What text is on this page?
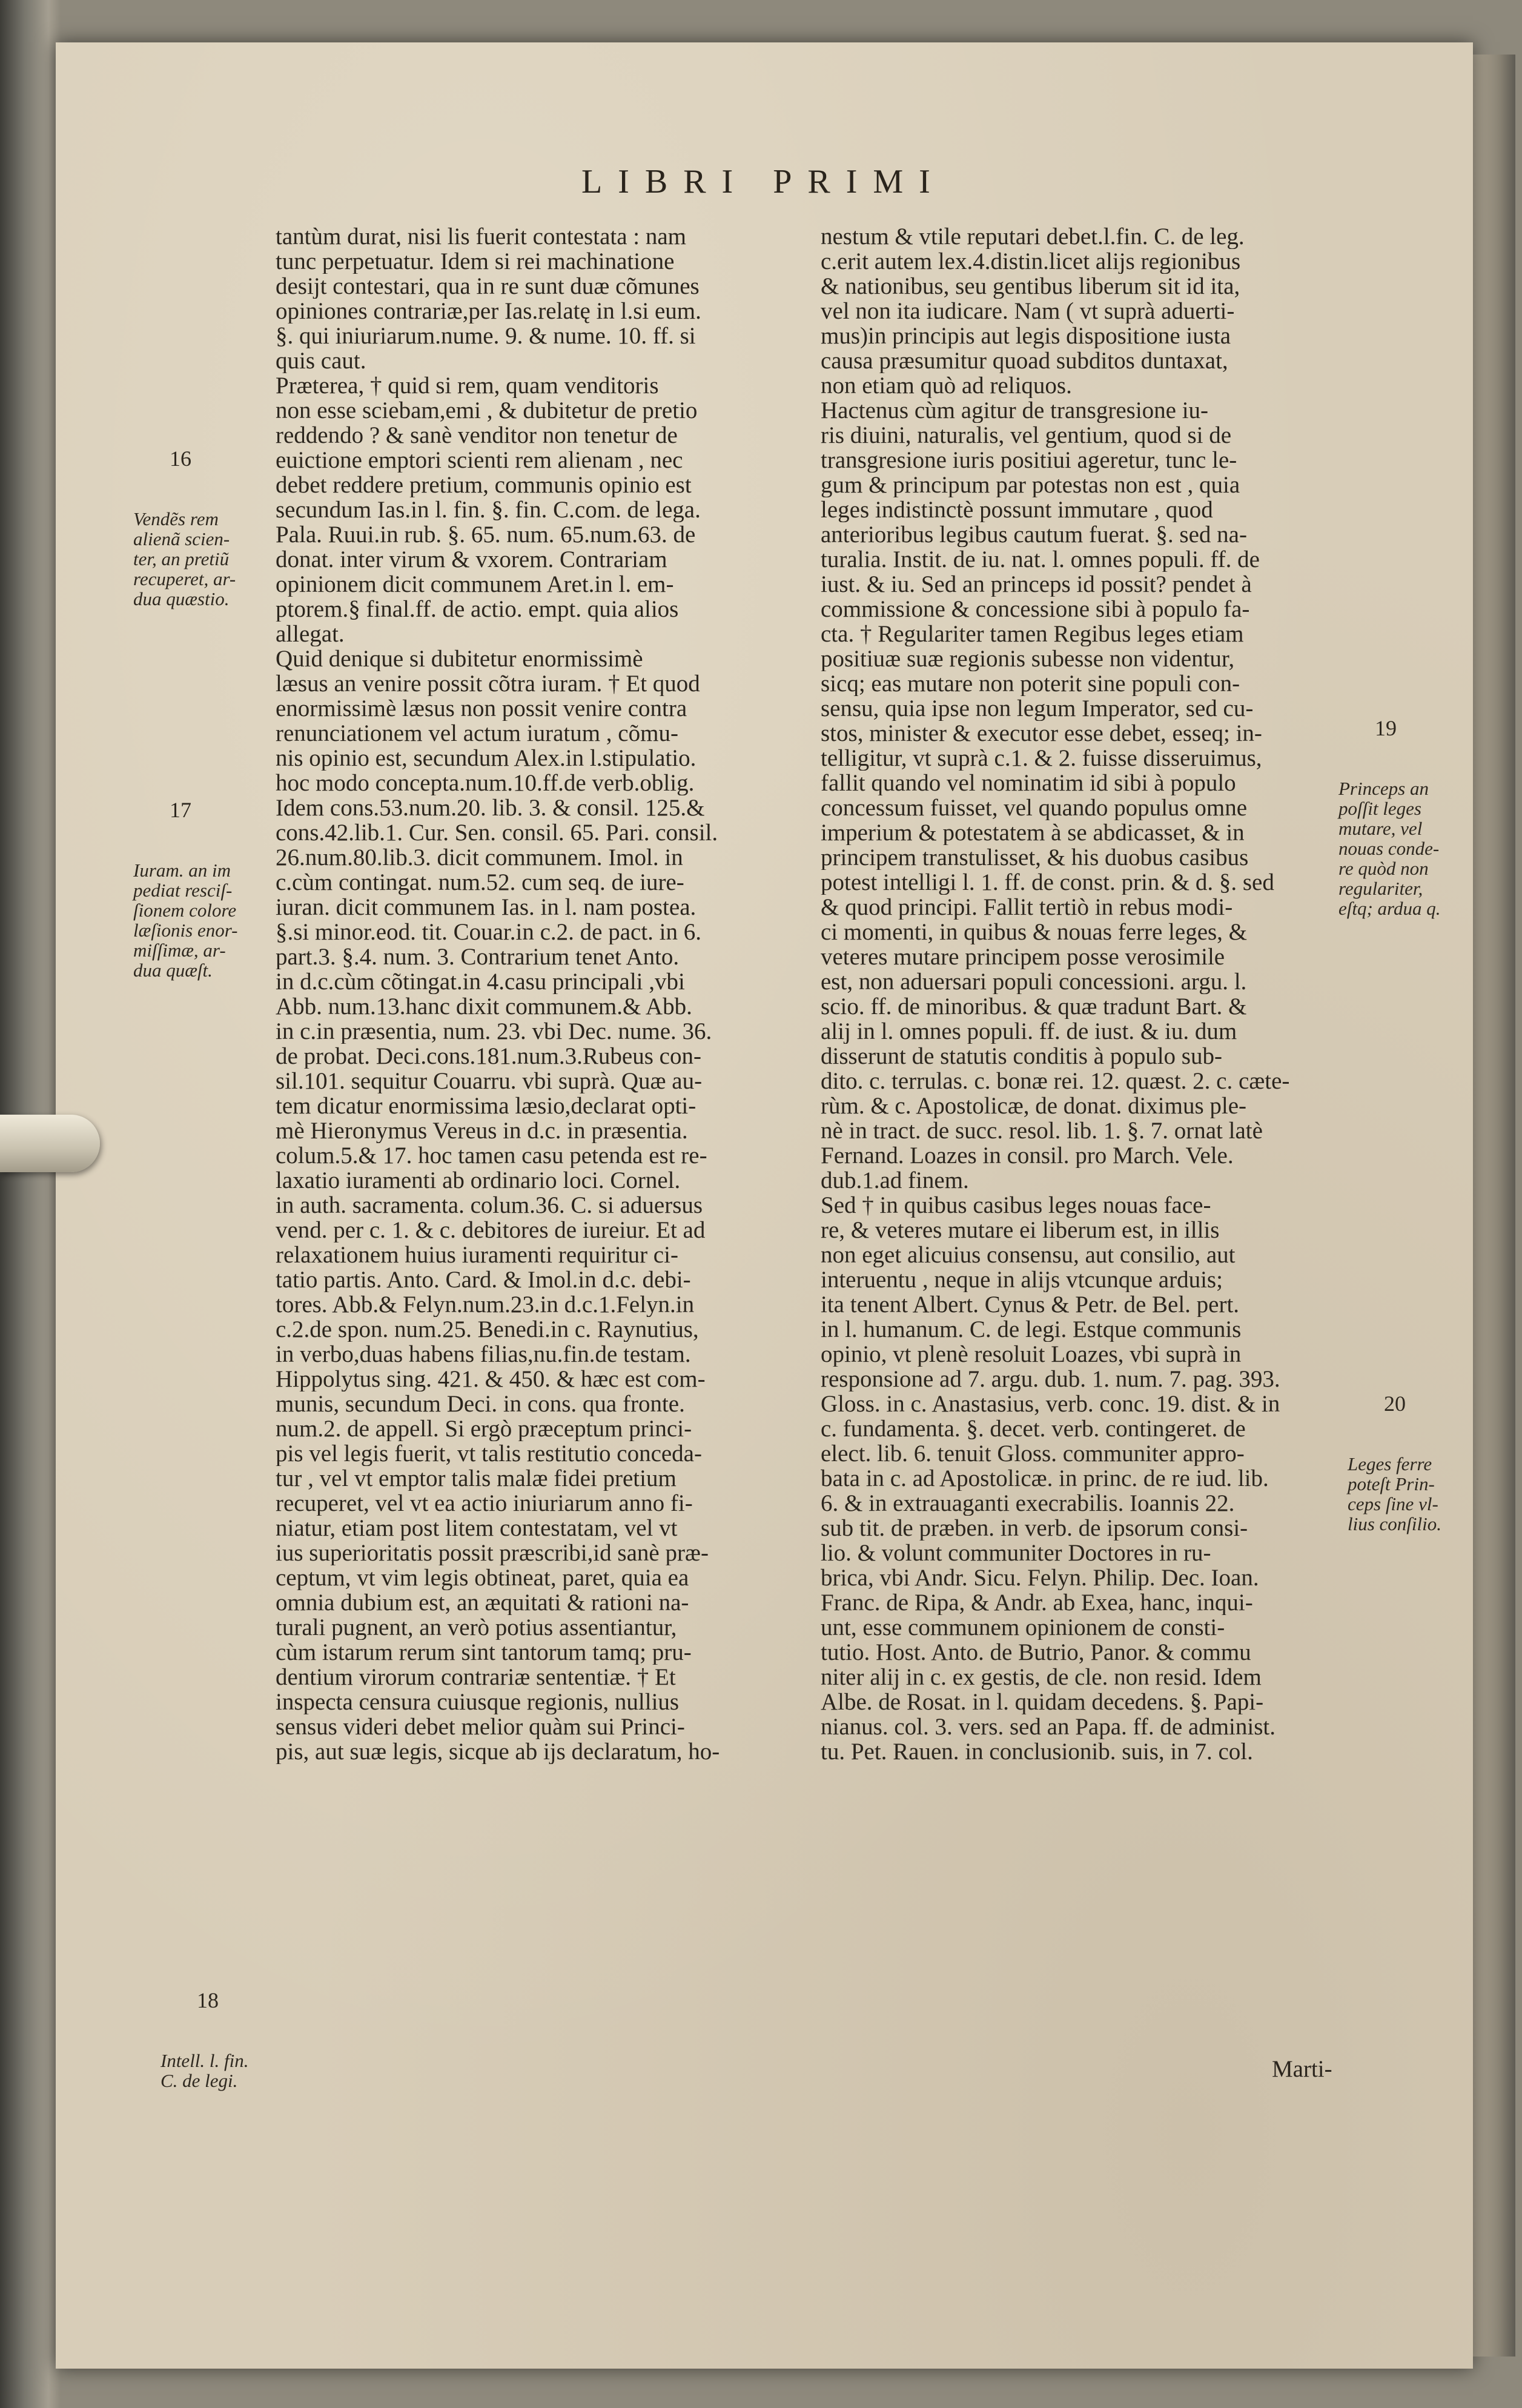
LIBRI PRIMI
tantùm durat, nisi lis fuerit contestata : nam
tunc perpetuatur. Idem si rei machinatione
desijt contestari, qua in re sunt duæ cõmunes
opiniones contrariæ,per Ias.relatę in l.si eum.
§. qui iniuriarum.nume. 9. & nume. 10. ff. si
quis caut.
Præterea, † quid si rem, quam venditoris
non esse sciebam,emi , & dubitetur de pretio
reddendo ? & sanè venditor non tenetur de
euictione emptori scienti rem alienam , nec
debet reddere pretium, communis opinio est
secundum Ias.in l. fin. §. fin. C.com. de lega.
Pala. Ruui.in rub. §. 65. num. 65.num.63. de
donat. inter virum & vxorem. Contrariam
opinionem dicit communem Aret.in l. em-
ptorem.§ final.ff. de actio. empt. quia alios
allegat.
Quid denique si dubitetur enormissimè
læsus an venire possit cõtra iuram. † Et quod
enormissimè læsus non possit venire contra
renunciationem vel actum iuratum , cõmu-
nis opinio est, secundum Alex.in l.stipulatio.
hoc modo concepta.num.10.ff.de verb.oblig.
Idem cons.53.num.20. lib. 3. & consil. 125.&
cons.42.lib.1. Cur. Sen. consil. 65. Pari. consil.
26.num.80.lib.3. dicit communem. Imol. in
c.cùm contingat. num.52. cum seq. de iure-
iuran. dicit communem Ias. in l. nam postea.
§.si minor.eod. tit. Couar.in c.2. de pact. in 6.
part.3. §.4. num. 3. Contrarium tenet Anto.
in d.c.cùm cõtingat.in 4.casu principali ,vbi
Abb. num.13.hanc dixit communem.& Abb.
in c.in præsentia, num. 23. vbi Dec. nume. 36.
de probat. Deci.cons.181.num.3.Rubeus con-
sil.101. sequitur Couarru. vbi suprà. Quæ au-
tem dicatur enormissima læsio,declarat opti-
mè Hieronymus Vereus in d.c. in præsentia.
colum.5.& 17. hoc tamen casu petenda est re-
laxatio iuramenti ab ordinario loci. Cornel.
in auth. sacramenta. colum.36. C. si aduersus
vend. per c. 1. & c. debitores de iureiur. Et ad
relaxationem huius iuramenti requiritur ci-
tatio partis. Anto. Card. & Imol.in d.c. debi-
tores. Abb.& Felyn.num.23.in d.c.1.Felyn.in
c.2.de spon. num.25. Benedi.in c. Raynutius,
in verbo,duas habens filias,nu.fin.de testam.
Hippolytus sing. 421. & 450. & hæc est com-
munis, secundum Deci. in cons. qua fronte.
num.2. de appell. Si ergò præceptum princi-
pis vel legis fuerit, vt talis restitutio conceda-
tur , vel vt emptor talis malæ fidei pretium
recuperet, vel vt ea actio iniuriarum anno fi-
niatur, etiam post litem contestatam, vel vt
ius superioritatis possit præscribi,id sanè præ-
ceptum, vt vim legis obtineat, paret, quia ea
omnia dubium est, an æquitati & rationi na-
turali pugnent, an verò potius assentiantur,
cùm istarum rerum sint tantorum tamq; pru-
dentium virorum contrariæ sententiæ. † Et
inspecta censura cuiusque regionis, nullius
sensus videri debet melior quàm sui Princi-
pis, aut suæ legis, sicque ab ijs declaratum, ho-
nestum & vtile reputari debet.l.fin. C. de leg.
c.erit autem lex.4.distin.licet alijs regionibus
& nationibus, seu gentibus liberum sit id ita,
vel non ita iudicare. Nam ( vt suprà aduerti-
mus)in principis aut legis dispositione iusta
causa præsumitur quoad subditos duntaxat,
non etiam quò ad reliquos.
Hactenus cùm agitur de transgresione iu-
ris diuini, naturalis, vel gentium, quod si de
transgresione iuris positiui ageretur, tunc le-
gum & principum par potestas non est , quia
leges indistinctè possunt immutare , quod
anterioribus legibus cautum fuerat. §. sed na-
turalia. Instit. de iu. nat. l. omnes populi. ff. de
iust. & iu. Sed an princeps id possit? pendet à
commissione & concessione sibi à populo fa-
cta. † Regulariter tamen Regibus leges etiam
positiuæ suæ regionis subesse non videntur,
sicq; eas mutare non poterit sine populi con-
sensu, quia ipse non legum Imperator, sed cu-
stos, minister & executor esse debet, esseq; in-
telligitur, vt suprà c.1. & 2. fuisse disseruimus,
fallit quando vel nominatim id sibi à populo
concessum fuisset, vel quando populus omne
imperium & potestatem à se abdicasset, & in
principem transtulisset, & his duobus casibus
potest intelligi l. 1. ff. de const. prin. & d. §. sed
& quod principi. Fallit tertiò in rebus modi-
ci momenti, in quibus & nouas ferre leges, &
veteres mutare principem posse verosimile
est, non aduersari populi concessioni. argu. l.
scio. ff. de minoribus. & quæ tradunt Bart. &
alij in l. omnes populi. ff. de iust. & iu. dum
disserunt de statutis conditis à populo sub-
dito. c. terrulas. c. bonæ rei. 12. quæst. 2. c. cæte-
rùm. & c. Apostolicæ, de donat. diximus ple-
nè in tract. de succ. resol. lib. 1. §. 7. ornat latè
Fernand. Loazes in consil. pro March. Vele.
dub.1.ad finem.
Sed † in quibus casibus leges nouas face-
re, & veteres mutare ei liberum est, in illis
non eget alicuius consensu, aut consilio, aut
interuentu , neque in alijs vtcunque arduis;
ita tenent Albert. Cynus & Petr. de Bel. pert.
in l. humanum. C. de legi. Estque communis
opinio, vt plenè resoluit Loazes, vbi suprà in
responsione ad 7. argu. dub. 1. num. 7. pag. 393.
Gloss. in c. Anastasius, verb. conc. 19. dist. & in
c. fundamenta. §. decet. verb. contingeret. de
elect. lib. 6. tenuit Gloss. communiter appro-
bata in c. ad Apostolicæ. in princ. de re iud. lib.
6. & in extrauaganti execrabilis. Ioannis 22.
sub tit. de præben. in verb. de ipsorum consi-
lio. & volunt communiter Doctores in ru-
brica, vbi Andr. Sicu. Felyn. Philip. Dec. Ioan.
Franc. de Ripa, & Andr. ab Exea, hanc, inqui-
unt, esse communem opinionem de consti-
tutio. Host. Anto. de Butrio, Panor. & commu
niter alij in c. ex gestis, de cle. non resid. Idem
Albe. de Rosat. in l. quidam decedens. §. Papi-
nianus. col. 3. vers. sed an Papa. ff. de administ.
tu. Pet. Rauen. in conclusionib. suis, in 7. col.

16

Vendẽs rem
alienã scien-
ter, an pretiũ
recuperet, ar-
dua quæstio.

17

Iuram. an im
pediat resciſ-
ſionem colore
læſionis enor-
miſſimæ, ar-
dua quæſt.

18

Intell. l. fin.
C. de legi.

19

Princeps an
poſſit leges
mutare, vel
nouas conde-
re quòd non
regulariter,
eſtq; ardua q.

20

Leges ferre
poteſt Prin-
ceps ſine vl-
lius conſilio.

Marti-
